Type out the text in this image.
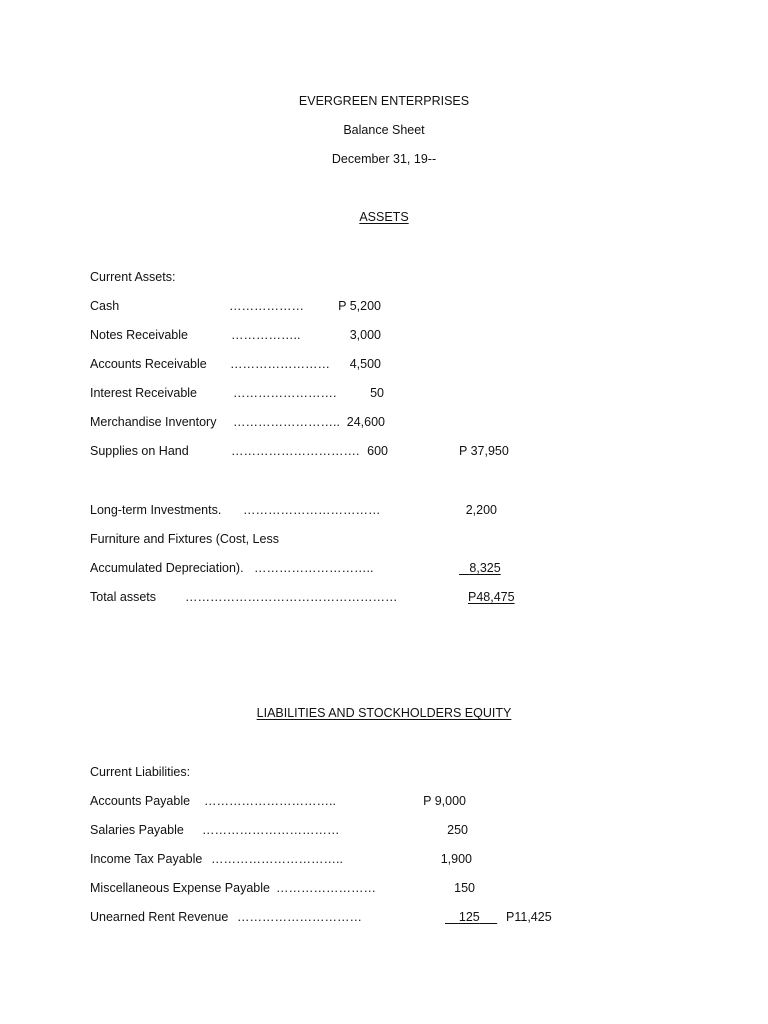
EVERGREEN ENTERPRISES
Balance Sheet
December 31, 19--
ASSETS
Current Assets:
Cash	………………	P 5,200
Notes Receivable	……………..	3,000
Accounts Receivable ……………………	4,500
Interest Receivable	…………………….	50
Merchandise Inventory …………………….. 24,600
Supplies on Hand	…………………………. 600	P 37,950
Long-term Investments. ……………………………	2,200
Furniture and Fixtures (Cost, Less
Accumulated Depreciation). ………………………..	8,325
Total assets ……………………………………………	P48,475
LIABILITIES AND STOCKHOLDERS EQUITY
Current Liabilities:
Accounts Payable …………………………..	P 9,000
Salaries Payable ……………………………	250
Income Tax Payable …………………………..	1,900
Miscellaneous Expense Payable ……………………	150
Unearned Rent Revenue …………………………	125	P11,425
